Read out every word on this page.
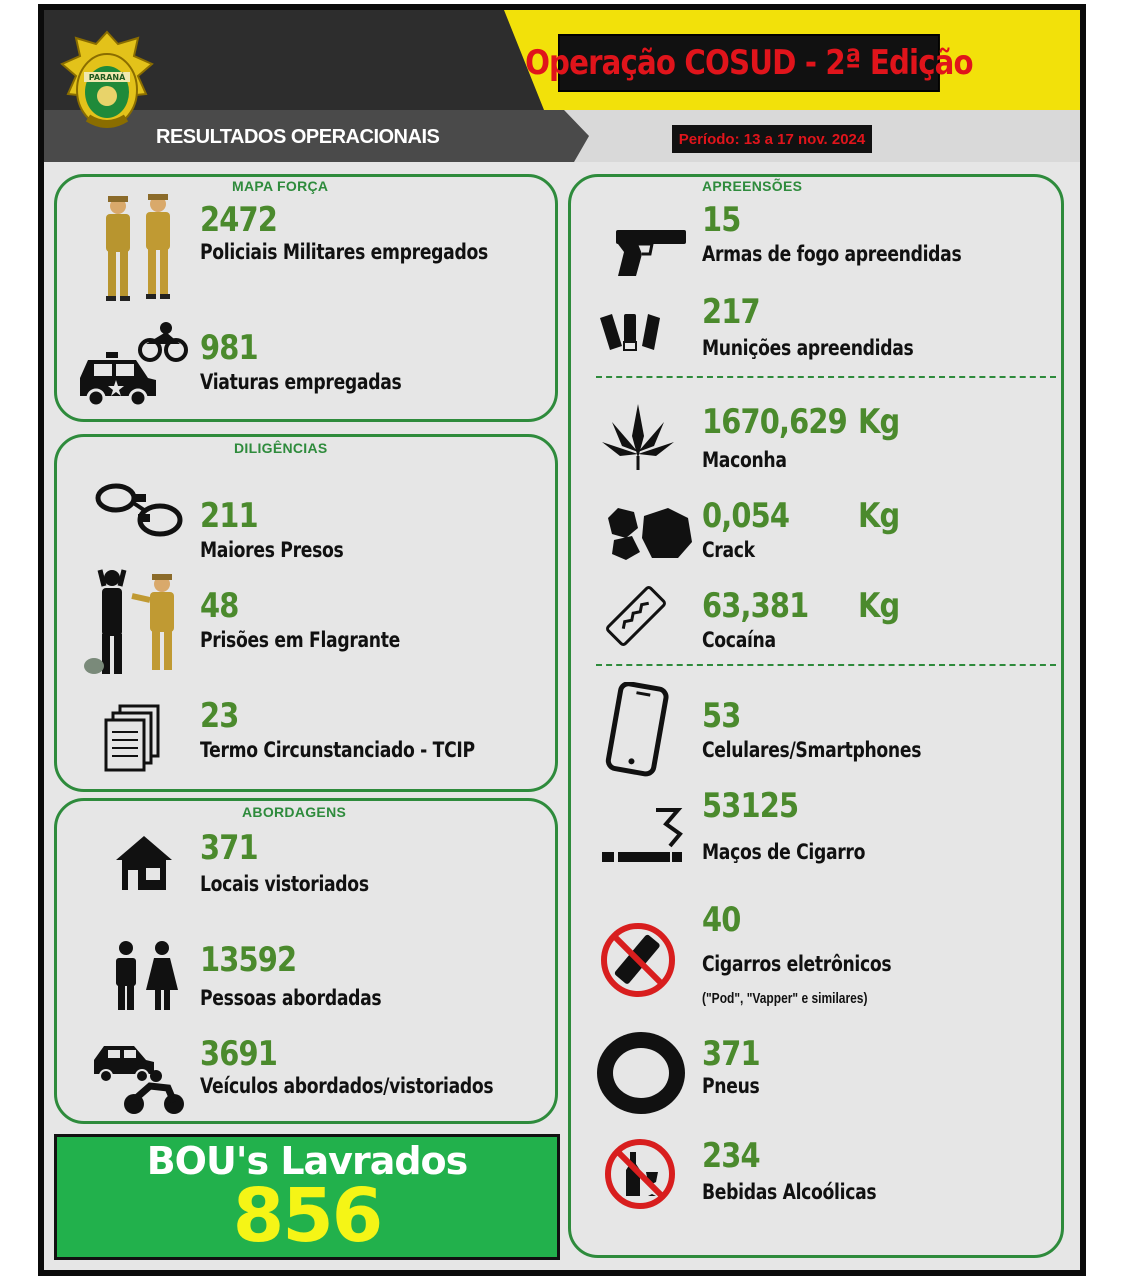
PARANÁ	Operação COSUD - 2ª Edição
Período: 13 a 17 nov. 2024
RESULTADOS OPERACIONAIS
MAPA FORÇA
2472
Policiais Militares empregados
981
Viaturas empregadas
DILIGÊNCIAS
211
Maiores Presos
48
Prisões em Flagrante
23
Termo Circunstanciado - TCIP
ABORDAGENS
371
Locais vistoriados
13592
Pessoas abordadas
3691
Veículos abordados/vistoriados
BOU's Lavrados
856
APREENSÕES
15
Armas de fogo apreendidas
217
Munições apreendidas
1670,629 Kg
Maconha
0,054 Kg
Crack
63,381 Kg
Cocaína
53
Celulares/Smartphones
53125
Maços de Cigarro
40
Cigarros eletrônicos
("Pod", "Vapper" e similares)
371
Pneus
234
Bebidas Alcoólicas
